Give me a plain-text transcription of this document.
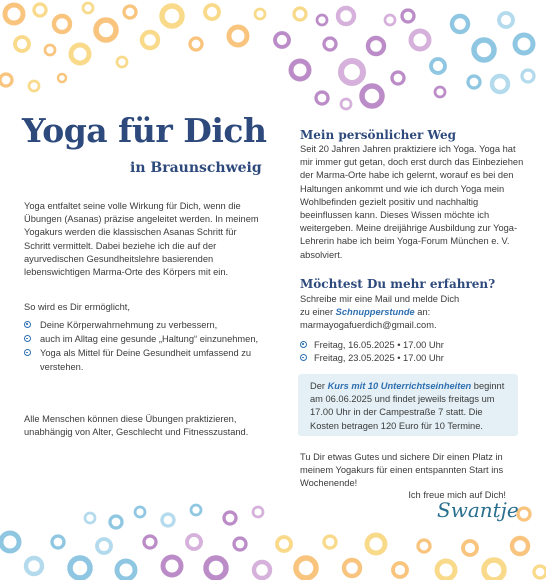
Yoga für Dich
in Braunschweig
Yoga entfaltet seine volle Wirkung für Dich, wenn die Übungen (Asanas) präzise angeleitet werden. In meinem Yogakurs werden die klassischen Asanas Schritt für Schritt vermittelt. Dabei beziehe ich die auf der ayurvedischen Gesundheitslehre basierenden lebenswichtigen Marma-Orte des Körpers mit ein.
So wird es Dir ermöglicht,
Deine Körperwahrnehmung zu verbessern,
auch im Alltag eine gesunde „Haltung“ einzunehmen,
Yoga als Mittel für Deine Gesundheit umfassend zu verstehen.
Alle Menschen können diese Übungen praktizieren, unabhängig von Alter, Geschlecht und Fitnesszustand.
Mein persönlicher Weg
Seit 20 Jahren Jahren praktiziere ich Yoga. Yoga hat mir immer gut getan, doch erst durch das Einbeziehen der Marma-Orte habe ich gelernt, worauf es bei den Haltungen ankommt und wie ich durch Yoga mein Wohlbefinden gezielt positiv und nachhaltig beeinflussen kann. Dieses Wissen möchte ich weitergeben. Meine dreijährige Ausbildung zur Yoga-Lehrerin habe ich beim Yoga-Forum München e. V. absolviert.
Möchtest Du mehr erfahren?
Schreibe mir eine Mail und melde Dich
zu einer Schnupperstunde an:
marmayogafuerdich@gmail.com.
Freitag, 16.05.2025 • 17.00 Uhr
Freitag, 23.05.2025 • 17.00 Uhr
Der Kurs mit 10 Unterrichtseinheiten beginnt am 06.06.2025 und findet jeweils freitags um 17.00 Uhr in der Campestraße 7 statt. Die Kosten betragen 120 Euro für 10 Termine.
Tu Dir etwas Gutes und sichere Dir einen Platz in meinem Yogakurs für einen entspannten Start ins Wochenende!
Ich freue mich auf Dich!
Swantje
